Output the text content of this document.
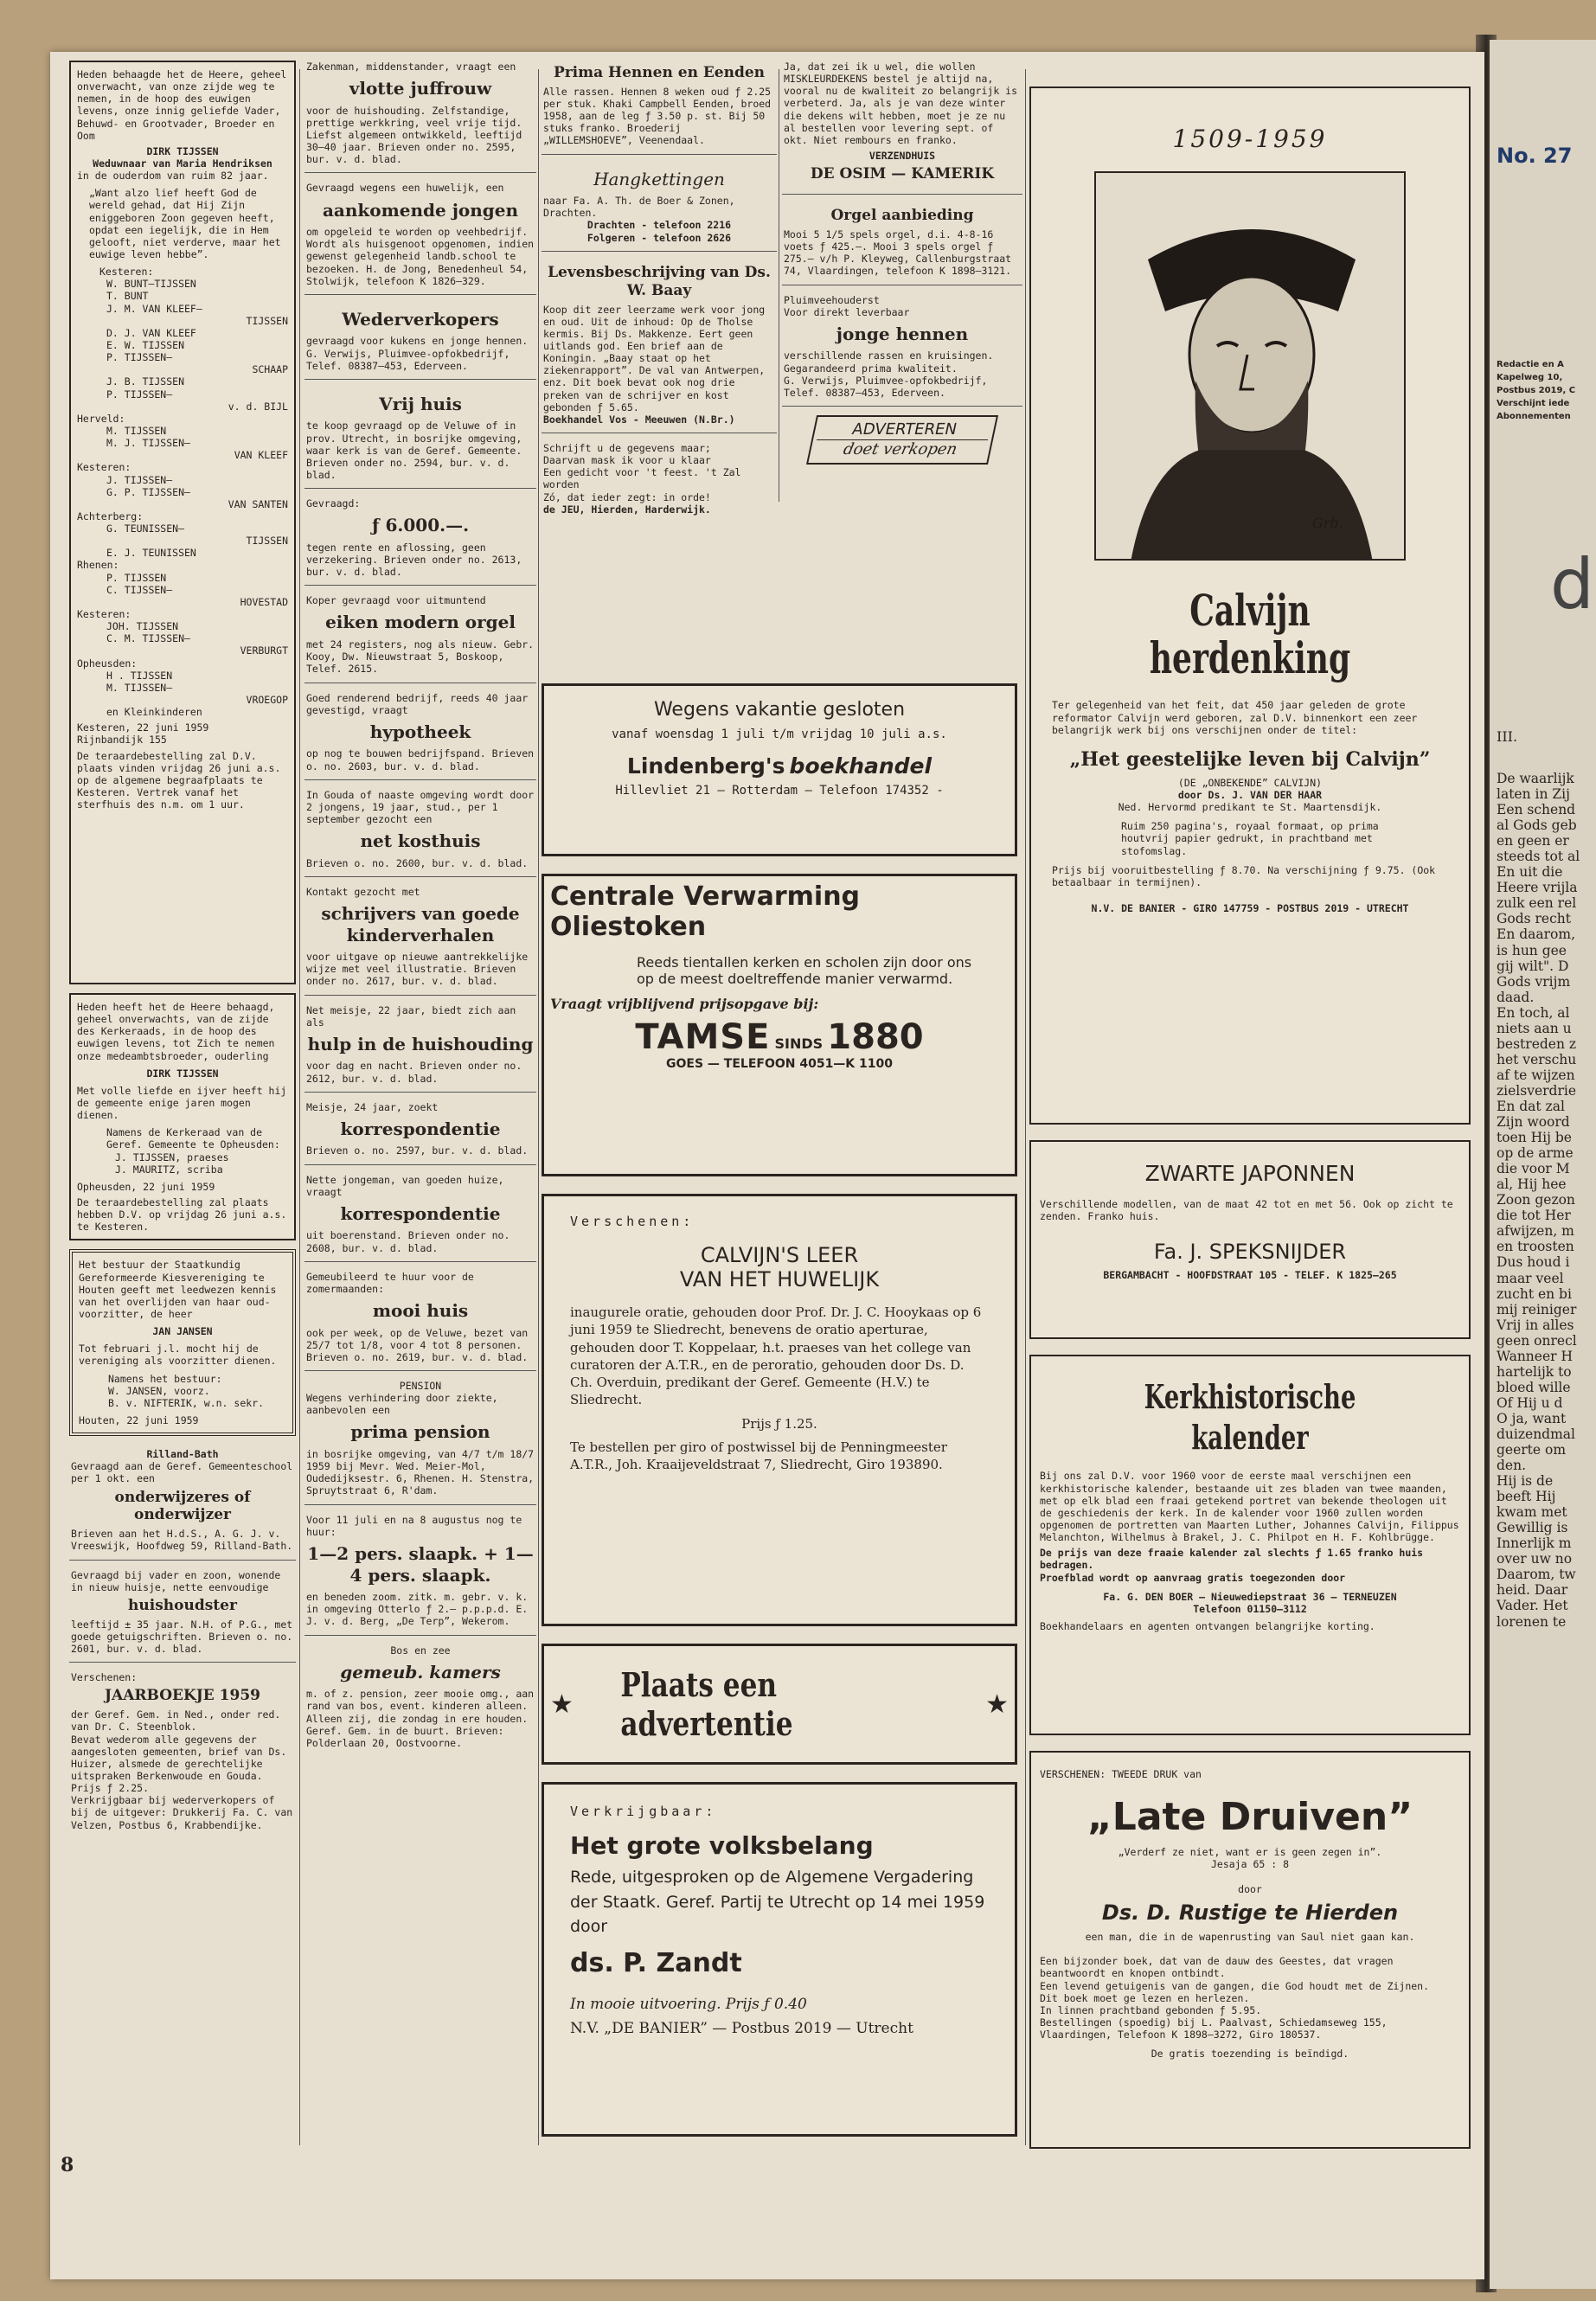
Heden behaagde het de Heere, geheel onverwacht, van onze zijde weg te nemen, in de hoop des euwigen levens, onze innig geliefde Vader, Behuwd- en Grootvader, Broeder en Oom

DIRK TIJSSEN

Weduwnaar van Maria Hendriksen

in de ouderdom van ruim 82 jaar.

„Want alzo lief heeft God de wereld gehad, dat Hij Zijn eniggeboren Zoon gegeven heeft, opdat een iegelijk, die in Hem gelooft, niet verderve, maar het euwige leven hebbe”.

Kesteren:
W. BUNT—TIJSSEN
T. BUNT
J. M. VAN KLEEF—
TIJSSEN
D. J. VAN KLEEF
E. W. TIJSSEN
P. TIJSSEN—
SCHAAP
J. B. TIJSSEN
P. TIJSSEN—
v. d. BIJL
Herveld:
M. TIJSSEN
M. J. TIJSSEN—
VAN KLEEF
Kesteren:
J. TIJSSEN—
G. P. TIJSSEN—
VAN SANTEN
Achterberg:
G. TEUNISSEN—
TIJSSEN
E. J. TEUNISSEN
Rhenen:
P. TIJSSEN
C. TIJSSEN—
HOVESTAD
Kesteren:
JOH. TIJSSEN
C. M. TIJSSEN—
VERBURGT
Opheusden:
H . TIJSSEN
M. TIJSSEN—
VROEGOP
en Kleinkinderen

Kesteren, 22 juni 1959

Rijnbandijk 155

De teraardebestelling zal D.V. plaats vinden vrijdag 26 juni a.s. op de algemene begraafplaats te Kesteren. Vertrek vanaf het sterfhuis des n.m. om 1 uur.

Heden heeft het de Heere behaagd, geheel onverwachts, van de zijde des Kerkeraads, in de hoop des euwigen levens, tot Zich te nemen onze medeambtsbroeder, ouderling

DIRK TIJSSEN

Met volle liefde en ijver heeft hij de gemeente enige jaren mogen dienen.

Namens de Kerkeraad van de Geref. Gemeente te Opheusden:

J. TIJSSEN, praeses

J. MAURITZ, scriba

Opheusden, 22 juni 1959

De teraardebestelling zal plaats hebben D.V. op vrijdag 26 juni a.s. te Kesteren.

Het bestuur der Staatkundig Gereformeerde Kiesvereniging te Houten geeft met leedwezen kennis van het overlijden van haar oud-voorzitter, de heer

JAN JANSEN

Tot februari j.l. mocht hij de vereniging als voorzitter dienen.

Namens het bestuur:

W. JANSEN, voorz.

B. v. NIFTERIK, w.n. sekr.

Houten, 22 juni 1959

Rilland-Bath

Gevraagd aan de Geref. Gemeenteschool per 1 okt. een

onderwijzeres of onderwijzer

Brieven aan het H.d.S., A. G. J. v. Vreeswijk, Hoofdweg 59, Rilland-Bath.

Gevraagd bij vader en zoon, wonende in nieuw huisje, nette eenvoudige

huishoudster

leeftijd ± 35 jaar. N.H. of P.G., met goede getuigschriften. Brieven o. no. 2601, bur. v. d. blad.

Verschenen:

JAARBOEKJE 1959

der Geref. Gem. in Ned., onder red. van Dr. C. Steenblok.

Bevat wederom alle gegevens der aangesloten gemeenten, brief van Ds. Huizer, alsmede de gerechtelijke uitspraken Berkenwoude en Gouda. Prijs ƒ 2.25.

Verkrijgbaar bij wederverkopers of bij de uitgever: Drukkerij Fa. C. van Velzen, Postbus 6, Krabbendijke.

8

Zakenman, middenstander, vraagt een

vlotte juffrouw

voor de huishouding. Zelfstandige, prettige werkkring, veel vrije tijd. Liefst algemeen ontwikkeld, leeftijd 30—40 jaar. Brieven onder no. 2595, bur. v. d. blad.

Gevraagd wegens een huwelijk, een

aankomende jongen

om opgeleid te worden op veehbedrijf. Wordt als huisgenoot opgenomen, indien gewenst gelegenheid landb.school te bezoeken. H. de Jong, Benedenheul 54, Stolwijk, telefoon K 1826—329.

Wederverkopers

gevraagd voor kukens en jonge hennen. G. Verwijs, Pluimvee-opfokbedrijf, Telef. 08387—453, Ederveen.

Vrij huis

te koop gevraagd op de Veluwe of in prov. Utrecht, in bosrijke omgeving, waar kerk is van de Geref. Gemeente. Brieven onder no. 2594, bur. v. d. blad.

Gevraagd:

ƒ 6.000.—.

tegen rente en aflossing, geen verzekering. Brieven onder no. 2613, bur. v. d. blad.

Koper gevraagd voor uitmuntend

eiken modern orgel

met 24 registers, nog als nieuw. Gebr. Kooy, Dw. Nieuwstraat 5, Boskoop, Telef. 2615.

Goed renderend bedrijf, reeds 40 jaar gevestigd, vraagt

hypotheek

op nog te bouwen bedrijfspand. Brieven o. no. 2603, bur. v. d. blad.

In Gouda of naaste omgeving wordt door 2 jongens, 19 jaar, stud., per 1 september gezocht een

net kosthuis

Brieven o. no. 2600, bur. v. d. blad.

Kontakt gezocht met

schrijvers van goede kinderverhalen

voor uitgave op nieuwe aantrekkelijke wijze met veel illustratie. Brieven onder no. 2617, bur. v. d. blad.

Net meisje, 22 jaar, biedt zich aan als

hulp in de huishouding

voor dag en nacht. Brieven onder no. 2612, bur. v. d. blad.

Meisje, 24 jaar, zoekt

korrespondentie

Brieven o. no. 2597, bur. v. d. blad.

Nette jongeman, van goeden huize, vraagt

korrespondentie

uit boerenstand. Brieven onder no. 2608, bur. v. d. blad.

Gemeubileerd te huur voor de zomermaanden:

mooi huis

ook per week, op de Veluwe, bezet van 25/7 tot 1/8, voor 4 tot 8 personen. Brieven o. no. 2619, bur. v. d. blad.

PENSION

Wegens verhindering door ziekte, aanbevolen een

prima pension

in bosrijke omgeving, van 4/7 t/m 18/7 1959 bij Mevr. Wed. Meier-Mol, Oudedijksestr. 6, Rhenen. H. Stenstra, Spruytstraat 6, R'dam.

Voor 11 juli en na 8 augustus nog te huur:

1—2 pers. slaapk. + 1—4 pers. slaapk.

en beneden zoom. zitk. m. gebr. v. k. in omgeving Otterlo ƒ 2.— p.p.p.d. E. J. v. d. Berg, „De Terp”, Wekerom.

Bos en zee

gemeub. kamers

m. of z. pension, zeer mooie omg., aan rand van bos, event. kinderen alleen. Alleen zij, die zondag in ere houden. Geref. Gem. in de buurt. Brieven: Polderlaan 20, Oostvoorne.

Prima Hennen en Eenden

Alle rassen. Hennen 8 weken oud ƒ 2.25 per stuk. Khaki Campbell Eenden, broed 1958, aan de leg ƒ 3.50 p. st. Bij 50 stuks franko. Broederij „WILLEMSHOEVE”, Veenendaal.

Hangkettingen

naar Fa. A. Th. de Boer & Zonen, Drachten.

Drachten - telefoon 2216

Folgeren - telefoon 2626

Levensbeschrijving van Ds. W. Baay

Koop dit zeer leerzame werk voor jong en oud. Uit de inhoud: Op de Tholse kermis. Bij Ds. Makkenze. Eert geen uitlands god. Een brief aan de Koningin. „Baay staat op het ziekenrapport”. De val van Antwerpen, enz. Dit boek bevat ook nog drie preken van de schrijver en kost gebonden ƒ 5.65.

Boekhandel Vos - Meeuwen (N.Br.)

Schrijft u de gegevens maar;

Daarvan mask ik voor u klaar

Een gedicht voor 't feest. 't Zal worden

Zó, dat ieder zegt: in orde!

de JEU, Hierden, Harderwijk.

Ja, dat zei ik u wel, die wollen MISKLEURDEKENS bestel je altijd na, vooral nu de kwaliteit zo belangrijk is verbeterd. Ja, als je van deze winter die dekens wilt hebben, moet je ze nu al bestellen voor levering sept. of okt. Niet rembours en franko.

VERZENDHUIS

DE OSIM — KAMERIK

Orgel aanbieding

Mooi 5 1/5 spels orgel, d.i. 4-8-16 voets ƒ 425.—. Mooi 3 spels orgel ƒ 275.— v/h P. Kleyweg, Callenburgstraat 74, Vlaardingen, telefoon K 1898—3121.

Pluimveehouderst

Voor direkt leverbaar

jonge hennen

verschillende rassen en kruisingen. Gegarandeerd prima kwaliteit.

G. Verwijs, Pluimvee-opfokbedrijf, Telef. 08387—453, Ederveen.

ADVERTEREN
doet verkopen

Wegens vakantie gesloten

vanaf woensdag 1 juli t/m vrijdag 10 juli a.s.

Lindenberg's boekhandel

Hillevliet 21 — Rotterdam — Telefoon 174352 -

Centrale Verwarming

Oliestoken

Reeds tientallen kerken en scholen zijn door ons op de meest doeltreffende manier verwarmd.

Vraagt vrijblijvend prijsopgave bij:

TAMSE SINDS 1880

GOES — TELEFOON 4051—K 1100

Verschenen:

CALVIJN'S LEER

VAN HET HUWELIJK

inaugurele oratie, gehouden door Prof. Dr. J. C. Hooykaas op 6 juni 1959 te Sliedrecht, benevens de oratio aperturae, gehouden door T. Koppelaar, h.t. praeses van het college van curatoren der A.T.R., en de peroratio, gehouden door Ds. D. Ch. Overduin, predikant der Geref. Gemeente (H.V.) te Sliedrecht.

Prijs ƒ 1.25.

Te bestellen per giro of postwissel bij de Penningmeester A.T.R., Joh. Kraaijeveldstraat 7, Sliedrecht, Giro 193890.

★ Plaats een advertentie	★

Verkrijgbaar:

Het grote volksbelang

Rede, uitgesproken op de Algemene Vergadering der Staatk. Geref. Partij te Utrecht op 14 mei 1959 door

ds. P. Zandt

In mooie uitvoering. Prijs ƒ 0.40

N.V. „DE BANIER” — Postbus 2019 — Utrecht

1509-1959

Grb.

Calvijn herdenking

Ter gelegenheid van het feit, dat 450 jaar geleden de grote reformator Calvijn werd geboren, zal D.V. binnenkort een zeer belangrijk werk bij ons verschijnen onder de titel:

„Het geestelijke leven bij Calvijn”

(DE „ONBEKENDE” CALVIJN)

door Ds. J. VAN DER HAAR

Ned. Hervormd predikant te St. Maartensdijk.

Ruim 250 pagina's, royaal formaat, op prima houtvrij papier gedrukt, in prachtband met stofomslag.

Prijs bij vooruitbestelling ƒ 8.70. Na verschijning ƒ 9.75. (Ook betaalbaar in termijnen).

N.V. DE BANIER - GIRO 147759 - POSTBUS 2019 - UTRECHT

ZWARTE JAPONNEN

Verschillende modellen, van de maat 42 tot en met 56. Ook op zicht te zenden. Franko huis.

Fa. J. SPEKSNIJDER

BERGAMBACHT - HOOFDSTRAAT 105 - TELEF. K 1825—265

Kerkhistorische kalender

Bij ons zal D.V. voor 1960 voor de eerste maal verschijnen een kerkhistorische kalender, bestaande uit zes bladen van twee maanden, met op elk blad een fraai getekend portret van bekende theologen uit de geschiedenis der kerk. In de kalender voor 1960 zullen worden opgenomen de portretten van Maarten Luther, Johannes Calvijn, Filippus Melanchton, Wilhelmus à Brakel, J. C. Philpot en H. F. Kohlbrügge.

De prijs van deze fraaie kalender zal slechts ƒ 1.65 franko huis bedragen.

Proefblad wordt op aanvraag gratis toegezonden door

Fa. G. DEN BOER — Nieuwediepstraat 36 — TERNEUZEN

Telefoon 01150—3112

Boekhandelaars en agenten ontvangen belangrijke korting.

VERSCHENEN: TWEEDE DRUK van

„Late Druiven”

„Verderf ze niet, want er is geen zegen in”.

Jesaja 65 : 8

door

Ds. D. Rustige te Hierden

een man, die in de wapenrusting van Saul niet gaan kan.

Een bijzonder boek, dat van de dauw des Geestes, dat vragen beantwoordt en knopen ontbindt.

Een levend getuigenis van de gangen, die God houdt met de Zijnen.

Dit boek moet ge lezen en herlezen.

In linnen prachtband gebonden ƒ 5.95.

Bestellingen (spoedig) bij L. Paalvast, Schiedamseweg 155, Vlaardingen, Telefoon K 1898—3272, Giro 180537.

De gratis toezending is beïndigd.

No. 27

Redactie en A
Kapelweg 10,
Postbus 2019, C
Verschijnt iede
Abonnementen

d

III.

De waarlijk
laten in Zij
Een schend
al Gods geb
en geen er
steeds tot al
En uit die
Heere vrijla
zulk een rel
Gods recht
En daarom,
is hun gee
gij wilt". D
Gods vrijm
daad.
En toch, al
niets aan u
bestreden z
het verschu
af te wijzen
zielsverdrie
En dat zal
Zijn woord
toen Hij be
op de arme
die voor M
al, Hij hee
Zoon gezon
die tot Her
afwijzen, m
en troosten
Dus houd i
maar veel
zucht en bi
mij reiniger
Vrij in alles
geen onrecl
Wanneer H
hartelijk to
bloed wille
Of Hij u d
O ja, want
duizendmal
geerte om
den.
Hij is de
beeft Hij
kwam met
Gewillig is
Innerlijk m
over uw no
Daarom, tw
heid. Daar
Vader. Het
lorenen te
